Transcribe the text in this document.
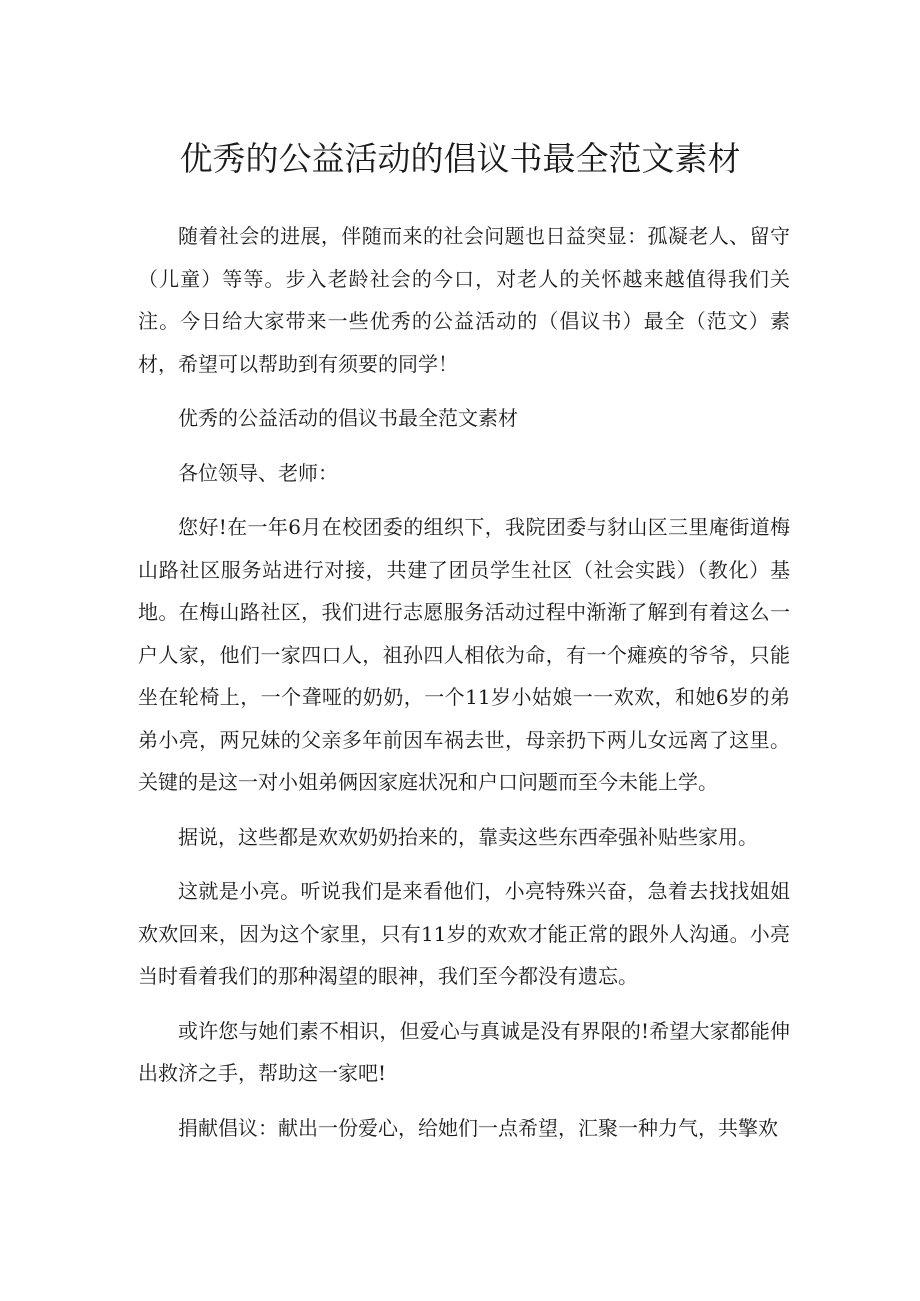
优秀的公益活动的倡议书最全范文素材

随着社会的进展，伴随而来的社会问题也日益突显：孤凝老人、留守（儿童）等等。步入老龄社会的今口，对老人的关怀越来越值得我们关注。今日给大家带来一些优秀的公益活动的（倡议书）最全（范文）素材，希望可以帮助到有须要的同学！

优秀的公益活动的倡议书最全范文素材

各位领导、老师：

您好!在一年6月在校团委的组织下，我院团委与豺山区三里庵街道梅山路社区服务站进行对接，共建了团员学生社区（社会实践）（教化）基地。在梅山路社区，我们进行志愿服务活动过程中渐渐了解到有着这么一户人家，他们一家四口人，祖孙四人相依为命，有一个瘫痪的爷爷，只能坐在轮椅上，一个聋哑的奶奶，一个11岁小姑娘一一欢欢，和她6岁的弟弟小亮，两兄妹的父亲多年前因车祸去世，母亲扔下两儿女远离了这里。关键的是这一对小姐弟俩因家庭状况和户口问题而至今未能上学。

据说，这些都是欢欢奶奶抬来的，靠卖这些东西牵强补贴些家用。

这就是小亮。听说我们是来看他们，小亮特殊兴奋，急着去找找姐姐欢欢回来，因为这个家里，只有11岁的欢欢才能正常的跟外人沟通。小亮当时看着我们的那种渴望的眼神，我们至今都没有遗忘。

或许您与她们素不相识，但爱心与真诚是没有界限的!希望大家都能伸出救济之手，帮助这一家吧!

捐献倡议：献出一份爱心，给她们一点希望，汇聚一种力气，共擎欢
